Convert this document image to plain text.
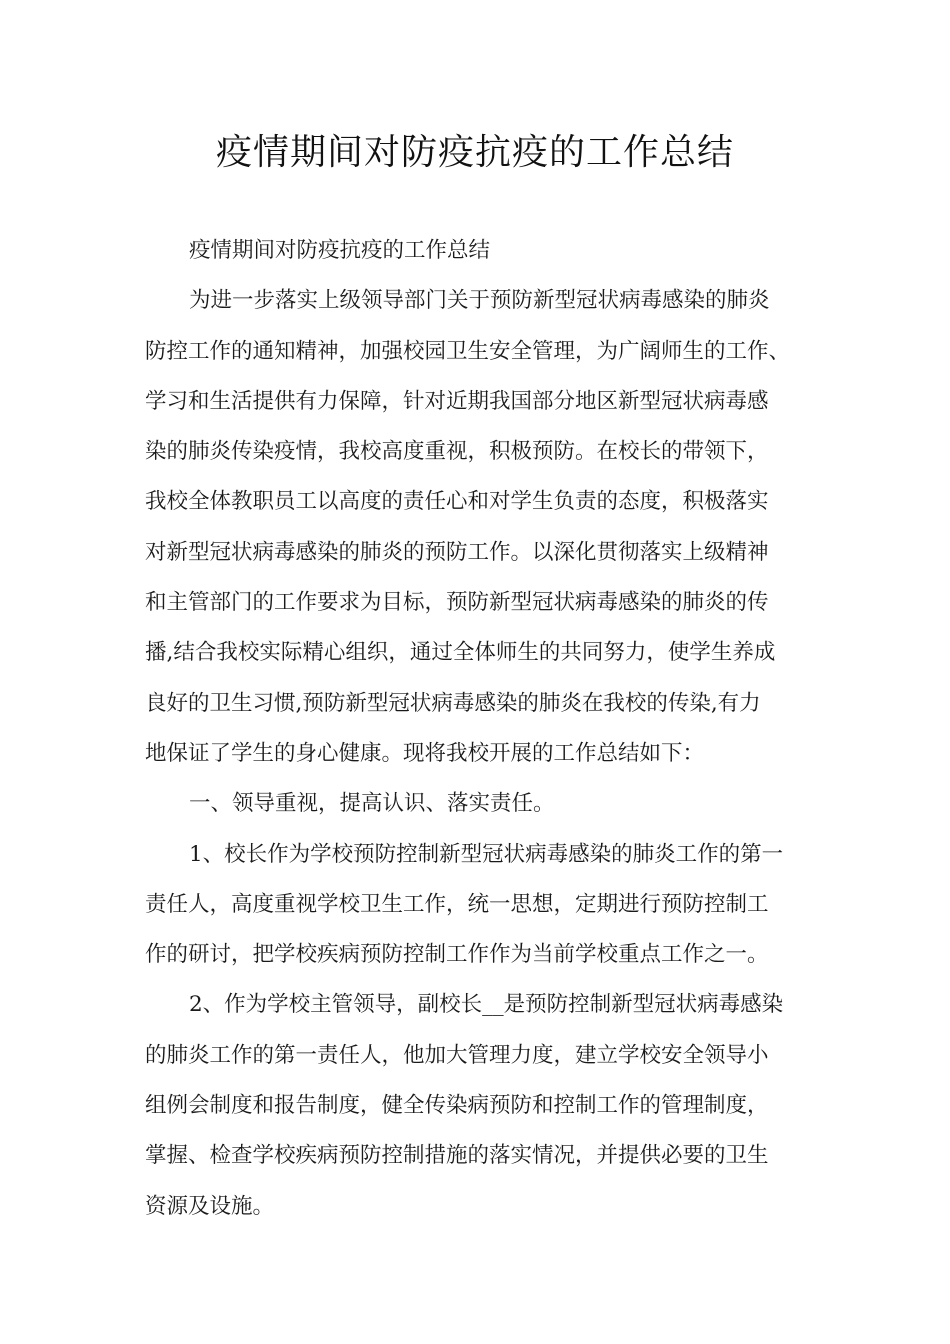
疫情期间对防疫抗疫的工作总结
疫情期间对防疫抗疫的工作总结
为进一步落实上级领导部门关于预防新型冠状病毒感染的肺炎
防控工作的通知精神，加强校园卫生安全管理，为广阔师生的工作、
学习和生活提供有力保障，针对近期我国部分地区新型冠状病毒感
染的肺炎传染疫情，我校高度重视，积极预防。在校长的带领下，
我校全体教职员工以高度的责任心和对学生负责的态度，积极落实
对新型冠状病毒感染的肺炎的预防工作。以深化贯彻落实上级精神
和主管部门的工作要求为目标，预防新型冠状病毒感染的肺炎的传
播,结合我校实际精心组织，通过全体师生的共同努力，使学生养成
良好的卫生习惯,预防新型冠状病毒感染的肺炎在我校的传染,有力
地保证了学生的身心健康。现将我校开展的工作总结如下：
一、领导重视，提高认识、落实责任。
1、校长作为学校预防控制新型冠状病毒感染的肺炎工作的第一
责任人，高度重视学校卫生工作，统一思想，定期进行预防控制工
作的研讨，把学校疾病预防控制工作作为当前学校重点工作之一。
2、作为学校主管领导，副校长__是预防控制新型冠状病毒感染
的肺炎工作的第一责任人，他加大管理力度，建立学校安全领导小
组例会制度和报告制度，健全传染病预防和控制工作的管理制度，
掌握、检查学校疾病预防控制措施的落实情况，并提供必要的卫生
资源及设施。
